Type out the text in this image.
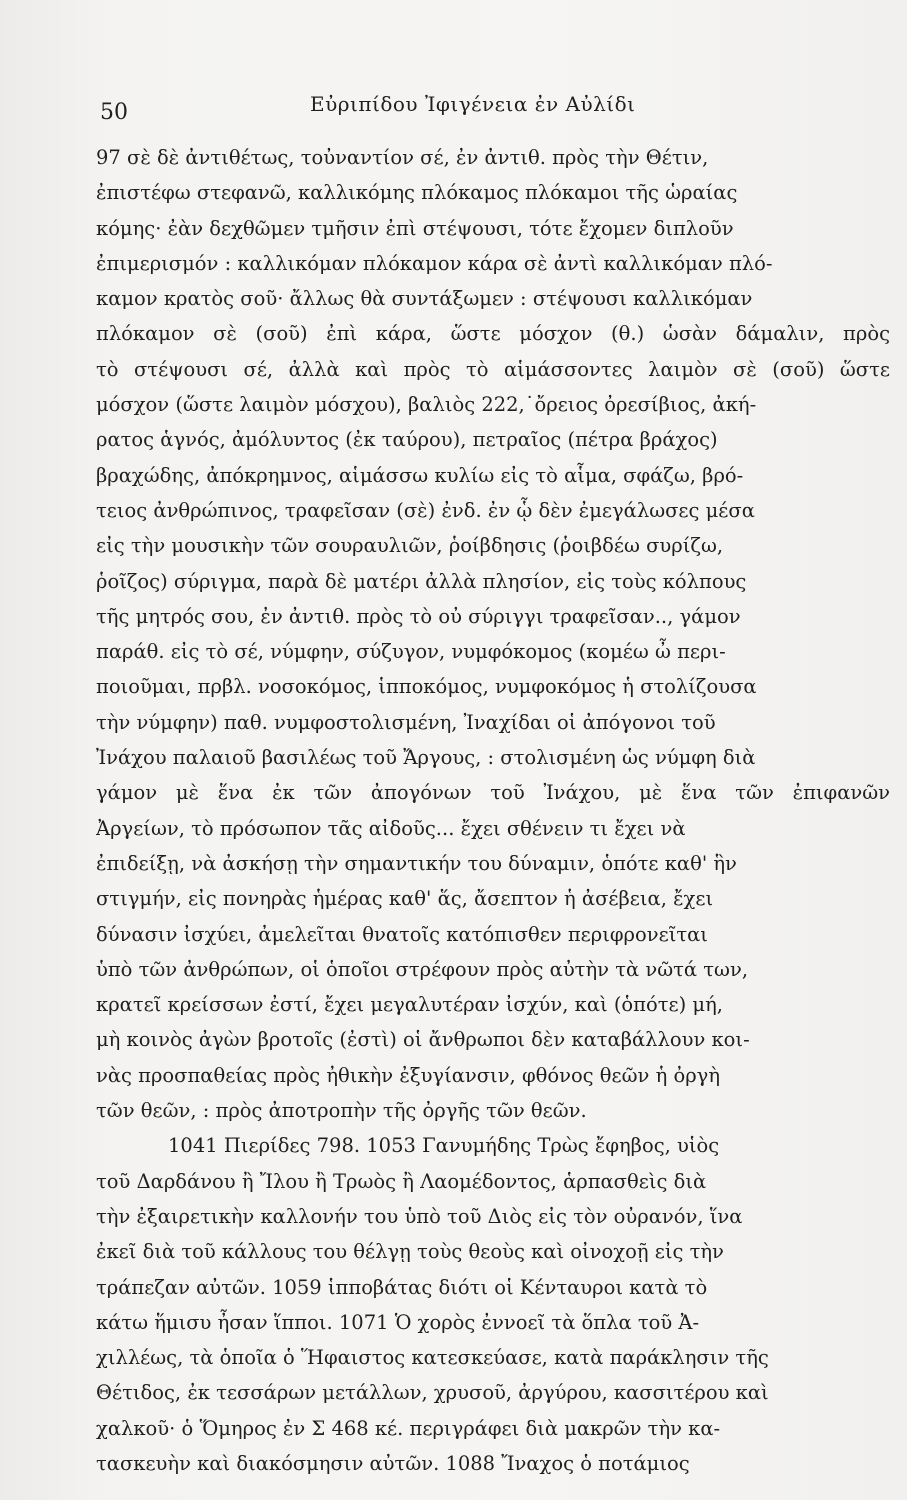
50	Εὐριπίδου Ἰφιγένεια ἐν Αὐλίδι
97 σὲ δὲ ἀντιθέτως, τοὐναντίον σέ, ἐν ἀντιθ. πρὸς τὴν Θέτιν,
ἐπιστέφω στεφανῶ, καλλικόμης πλόκαμος πλόκαμοι τῆς ὡραίας
κόμης· ἐὰν δεχθῶμεν τμῆσιν ἐπὶ στέψουσι, τότε ἔχομεν διπλοῦν
ἐπιμερισμόν : καλλικόμαν πλόκαμον κάρα σὲ ἀντὶ καλλικόμαν πλό-
καμον κρατὸς σοῦ· ἄλλως θὰ συντάξωμεν : στέψουσι καλλικόμαν
πλόκαμον σὲ (σοῦ) ἐπὶ κάρα, ὥστε μόσχον (θ.) ὡσὰν δάμαλιν, πρὸς
τὸ στέψουσι σέ, ἀλλὰ καὶ πρὸς τὸ αἱμάσσοντες λαιμὸν σὲ (σοῦ) ὥστε
μόσχον (ὥστε λαιμὸν μόσχου), βαλιὸς 222,˙ὄρειος ὀρεσίβιος, ἀκή-
ρατος ἁγνός, ἀμόλυντος (ἐκ ταύρου), πετραῖος (πέτρα βράχος)
βραχώδης, ἀπόκρημνος, αἱμάσσω κυλίω εἰς τὸ αἷμα, σφάζω, βρό-
τειος ἀνθρώπινος, τραφεῖσαν (σὲ) ἐνδ. ἐν ᾧ δὲν ἐμεγάλωσες μέσα
εἰς τὴν μουσικὴν τῶν σουραυλιῶν, ῥοίβδησις (ῥοιβδέω συρίζω,
ῥοῖζος) σύριγμα, παρὰ δὲ ματέρι ἀλλὰ πλησίον, εἰς τοὺς κόλπους
τῆς μητρός σου, ἐν ἀντιθ. πρὸς τὸ οὐ σύριγγι τραφεῖσαν.., γάμον
παράθ. εἰς τὸ σέ, νύμφην, σύζυγον, νυμφόκομος (κομέω ὦ περι-
ποιοῦμαι, πρβλ. νοσοκόμος, ἱπποκόμος, νυμφοκόμος ἡ στολίζουσα
τὴν νύμφην) παθ. νυμφοστολισμένη, Ἰναχίδαι οἱ ἀπόγονοι τοῦ
Ἰνάχου παλαιοῦ βασιλέως τοῦ Ἄργους, : στολισμένη ὡς νύμφη διὰ
γάμον μὲ ἕνα ἐκ τῶν ἀπογόνων τοῦ Ἰνάχου, μὲ ἕνα τῶν ἐπιφανῶν
Ἀργείων, τὸ πρόσωπον τᾶς αἰδοῦς... ἔχει σθένειν τι ἔχει νὰ
ἐπιδείξῃ, νὰ ἀσκήσῃ τὴν σημαντικήν του δύναμιν, ὁπότε καθ' ἣν
στιγμήν, εἰς πονηρὰς ἡμέρας καθ' ἅς, ἄσεπτον ἡ ἀσέβεια, ἔχει
δύνασιν ἰσχύει, ἀμελεῖται θνατοῖς κατόπισθεν περιφρονεῖται
ὑπὸ τῶν ἀνθρώπων, οἱ ὁποῖοι στρέφουν πρὸς αὐτὴν τὰ νῶτά των,
κρατεῖ κρείσσων ἐστί, ἔχει μεγαλυτέραν ἰσχύν, καὶ (ὁπότε) μή,
μὴ κοινὸς ἀγὼν βροτοῖς (ἐστὶ) οἱ ἄνθρωποι δὲν καταβάλλουν κοι-
νὰς προσπαθείας πρὸς ἠθικὴν ἐξυγίανσιν, φθόνος θεῶν ἡ ὀργὴ
τῶν θεῶν, : πρὸς ἀποτροπὴν τῆς ὀργῆς τῶν θεῶν.
1041 Πιερίδες 798. 1053 Γανυμήδης Τρὼς ἔφηβος, υἱὸς
τοῦ Δαρδάνου ἢ Ἴλου ἢ Τρωὸς ἢ Λαομέδοντος, ἁρπασθεὶς διὰ
τὴν ἐξαιρετικὴν καλλονήν του ὑπὸ τοῦ Διὸς εἰς τὸν οὐρανόν, ἵνα
ἐκεῖ διὰ τοῦ κάλλους του θέλγῃ τοὺς θεοὺς καὶ οἰνοχοῇ εἰς τὴν
τράπεζαν αὐτῶν. 1059 ἱπποβάτας διότι οἱ Κένταυροι κατὰ τὸ
κάτω ἥμισυ ἦσαν ἵπποι. 1071 Ὁ χορὸς ἐννοεῖ τὰ ὅπλα τοῦ Ἀ-
χιλλέως, τὰ ὁποῖα ὁ Ἥφαιστος κατεσκεύασε, κατὰ παράκλησιν τῆς
Θέτιδος, ἐκ τεσσάρων μετάλλων, χρυσοῦ, ἀργύρου, κασσιτέρου καὶ
χαλκοῦ· ὁ Ὅμηρος ἐν Σ 468 κέ. περιγράφει διὰ μακρῶν τὴν κα-
τασκευὴν καὶ διακόσμησιν αὐτῶν. 1088 Ἴναχος ὁ ποτάμιος
